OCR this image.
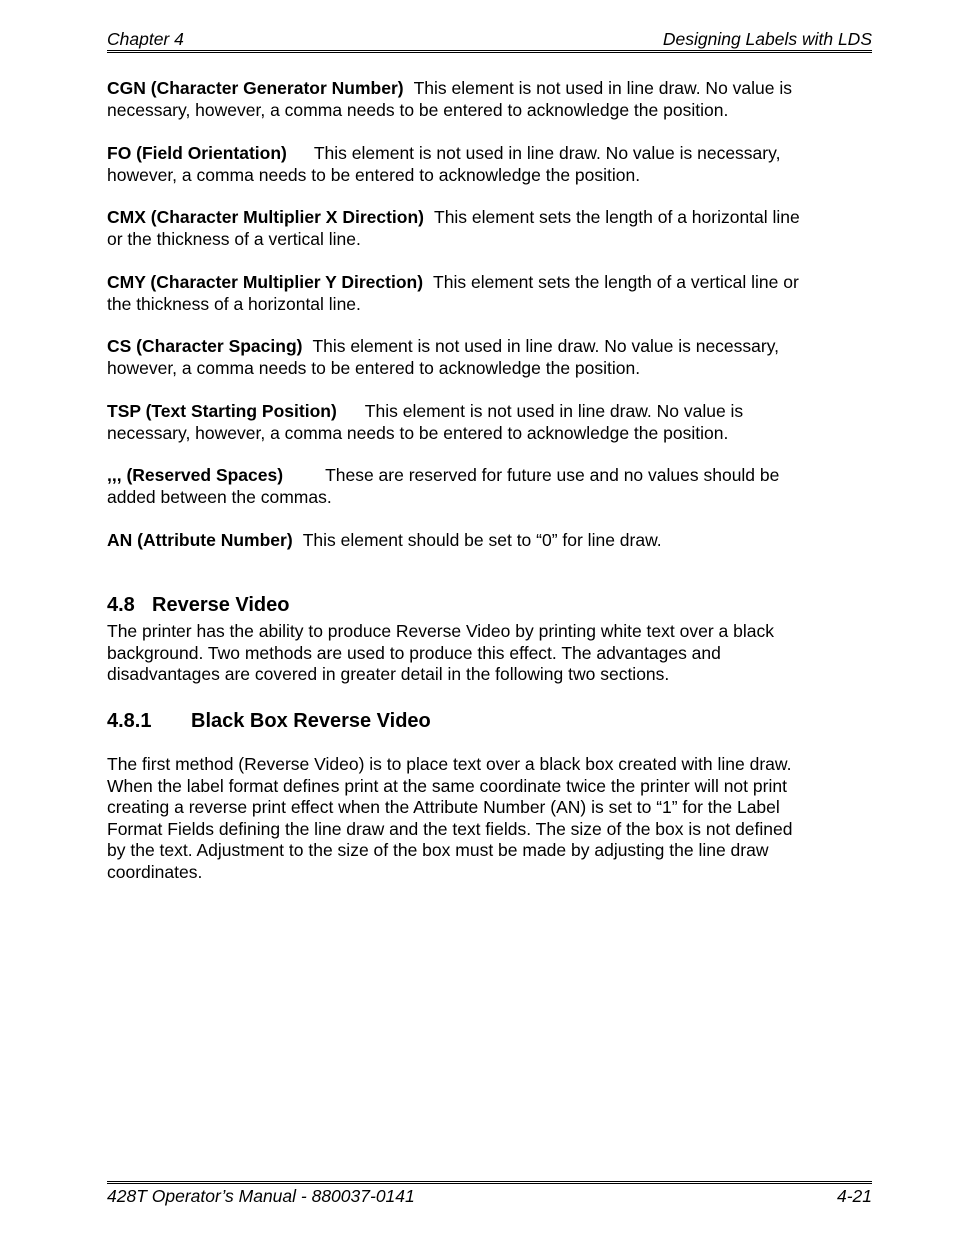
Chapter 4	Designing Labels with LDS

CGN (Character Generator Number) This element is not used in line draw. No value is
necessary, however, a comma needs to be entered to acknowledge the position.

FO (Field Orientation) This element is not used in line draw. No value is necessary,
however, a comma needs to be entered to acknowledge the position.

CMX (Character Multiplier X Direction) This element sets the length of a horizontal line
or the thickness of a vertical line.

CMY (Character Multiplier Y Direction) This element sets the length of a vertical line or
the thickness of a horizontal line.

CS (Character Spacing) This element is not used in line draw. No value is necessary,
however, a comma needs to be entered to acknowledge the position.

TSP (Text Starting Position) This element is not used in line draw. No value is
necessary, however, a comma needs to be entered to acknowledge the position.

,,, (Reserved Spaces) These are reserved for future use and no values should be
added between the commas.

AN (Attribute Number) This element should be set to “0” for line draw.

4.8 Reverse Video

The printer has the ability to produce Reverse Video by printing white text over a black
background. Two methods are used to produce this effect. The advantages and
disadvantages are covered in greater detail in the following two sections.

4.8.1 Black Box Reverse Video

The first method (Reverse Video) is to place text over a black box created with line draw.
When the label format defines print at the same coordinate twice the printer will not print
creating a reverse print effect when the Attribute Number (AN) is set to “1” for the Label
Format Fields defining the line draw and the text fields. The size of the box is not defined
by the text. Adjustment to the size of the box must be made by adjusting the line draw
coordinates.

428T Operator’s Manual - 880037-0141	4-21
